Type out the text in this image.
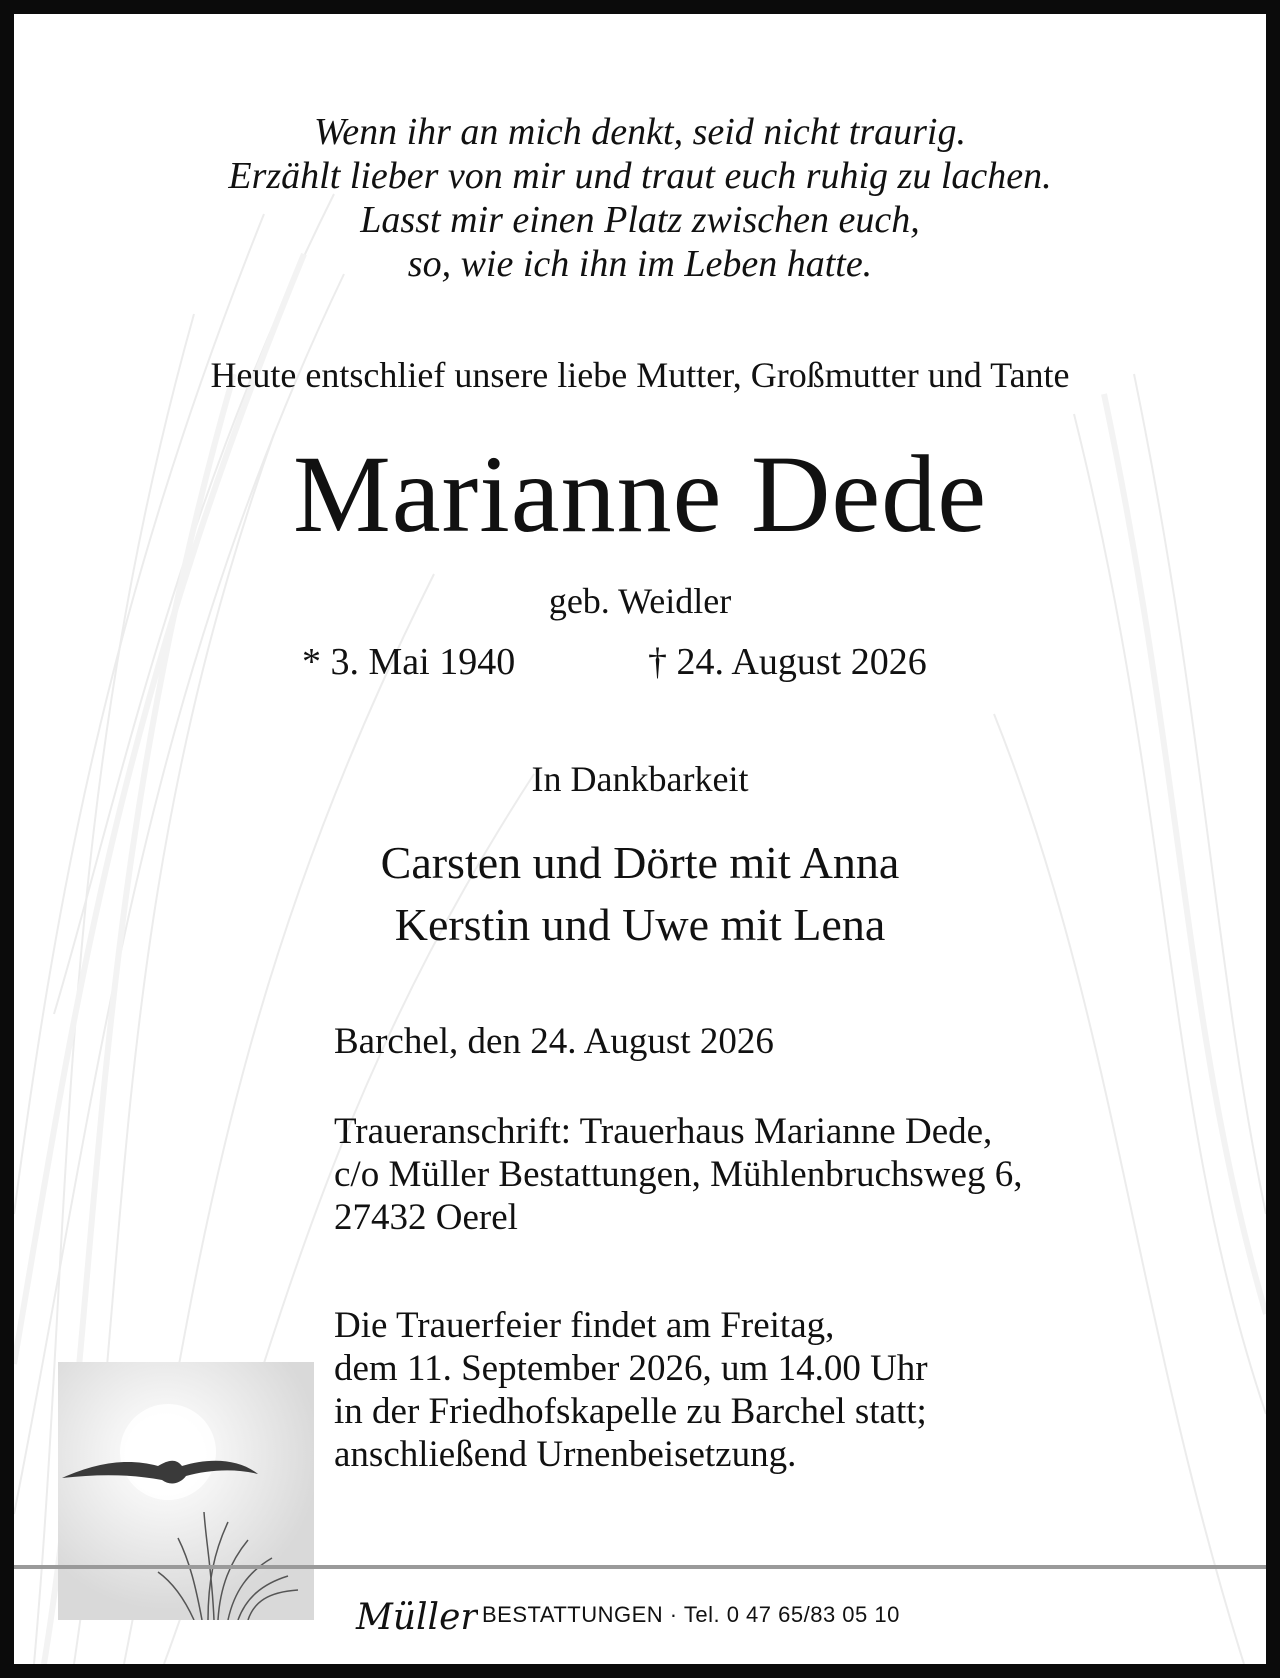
Wenn ihr an mich denkt, seid nicht traurig.
Erzählt lieber von mir und traut euch ruhig zu lachen.
Lasst mir einen Platz zwischen euch,
so, wie ich ihn im Leben hatte.
Heute entschlief unsere liebe Mutter, Großmutter und Tante
Marianne Dede
geb. Weidler
* 3. Mai 1940	† 24. August 2026
In Dankbarkeit
Carsten und Dörte mit Anna
Kerstin und Uwe mit Lena
Barchel, den 24. August 2026
Traueranschrift: Trauerhaus Marianne Dede,
c/o Müller Bestattungen, Mühlenbruchsweg 6,
27432 Oerel
Die Trauerfeier findet am Freitag,
dem 11. September 2026, um 14.00 Uhr
in der Friedhofskapelle zu Barchel statt;
anschließend Urnenbeisetzung.
Müller BESTATTUNGEN · Tel. 0 47 65/83 05 10
